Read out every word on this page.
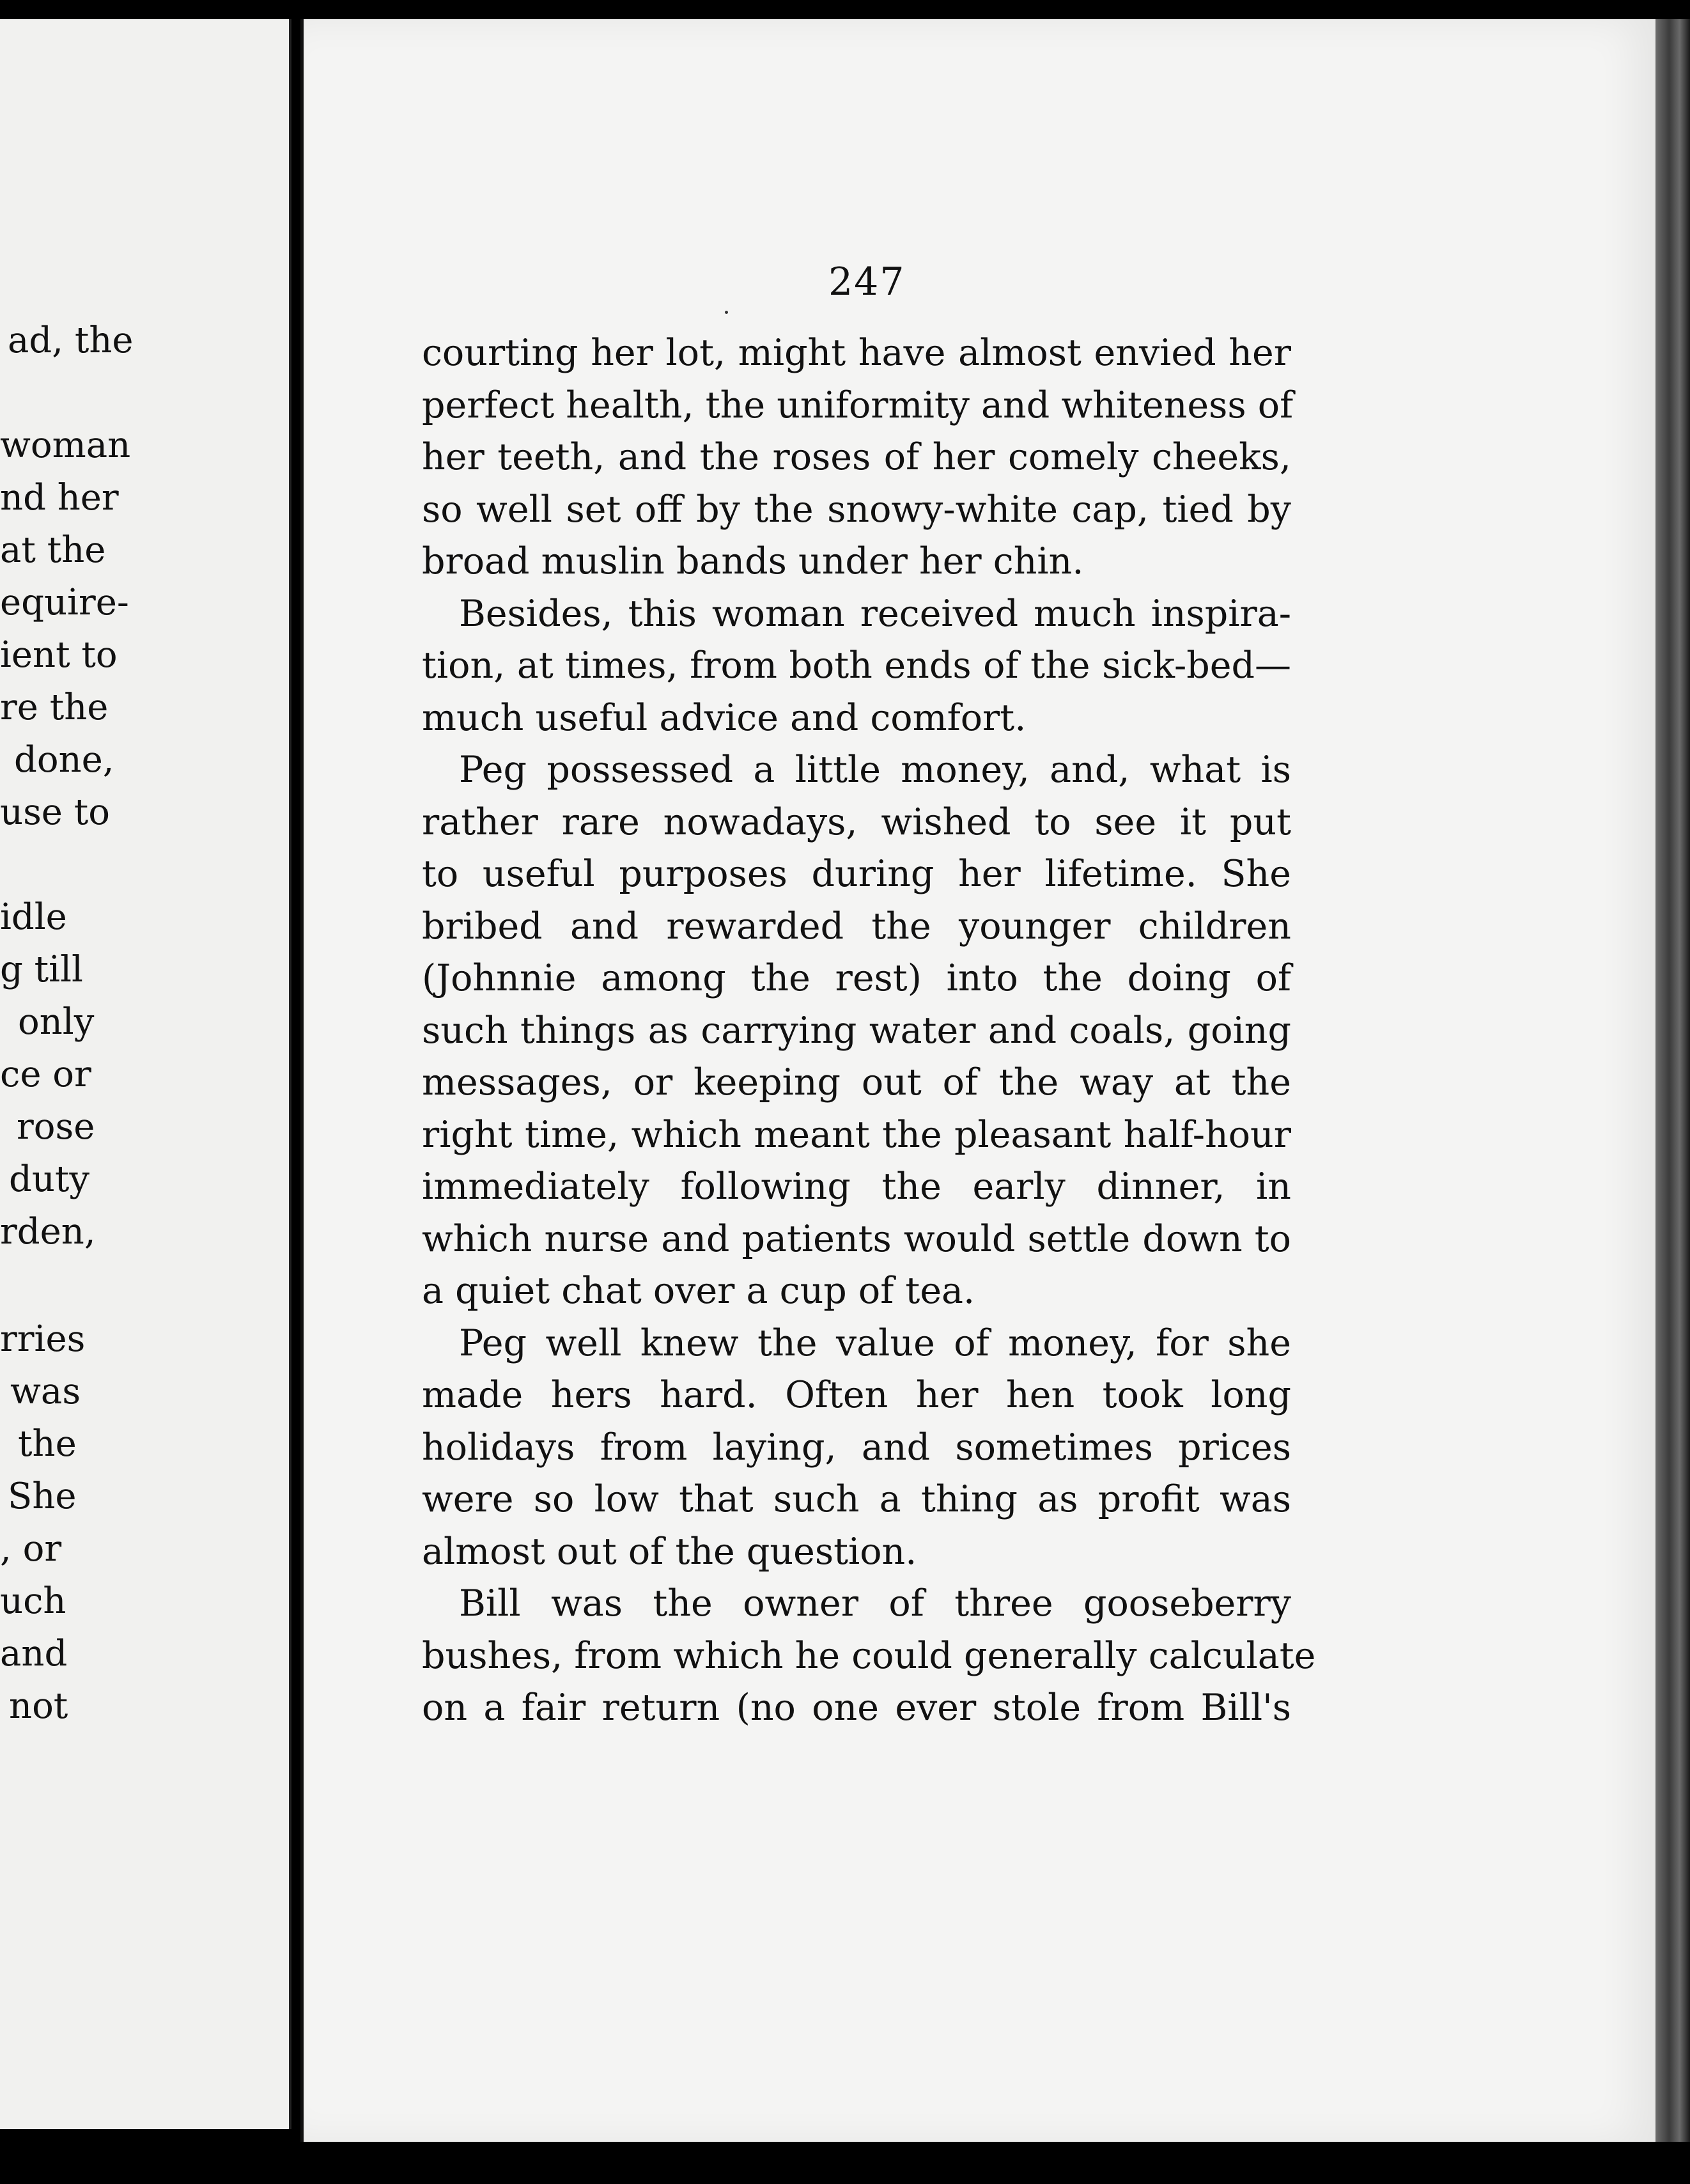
ad, the
woman
nd her
at the
equire-
ient to
re the
done,
use to
idle
g till
only
ce or
rose
duty
rden,
rries
was
the
She
, or
uch
and
not
247
courting her lot, might have almost envied her
perfect health, the uniformity and whiteness of
her teeth, and the roses of her comely cheeks,
so well set off by the snowy-white cap, tied by
broad muslin bands under her chin.
Besides, this woman received much inspira-
tion, at times, from both ends of the sick-bed—
much useful advice and comfort.
Peg possessed a little money, and, what is
rather rare nowadays, wished to see it put
to useful purposes during her lifetime. She
bribed and rewarded the younger children
(Johnnie among the rest) into the doing of
such things as carrying water and coals, going
messages, or keeping out of the way at the
right time, which meant the pleasant half-hour
immediately following the early dinner, in
which nurse and patients would settle down to
a quiet chat over a cup of tea.
Peg well knew the value of money, for she
made hers hard. Often her hen took long
holidays from laying, and sometimes prices
were so low that such a thing as profit was
almost out of the question.
Bill was the owner of three gooseberry
bushes, from which he could generally calculate
on a fair return (no one ever stole from Bill's
